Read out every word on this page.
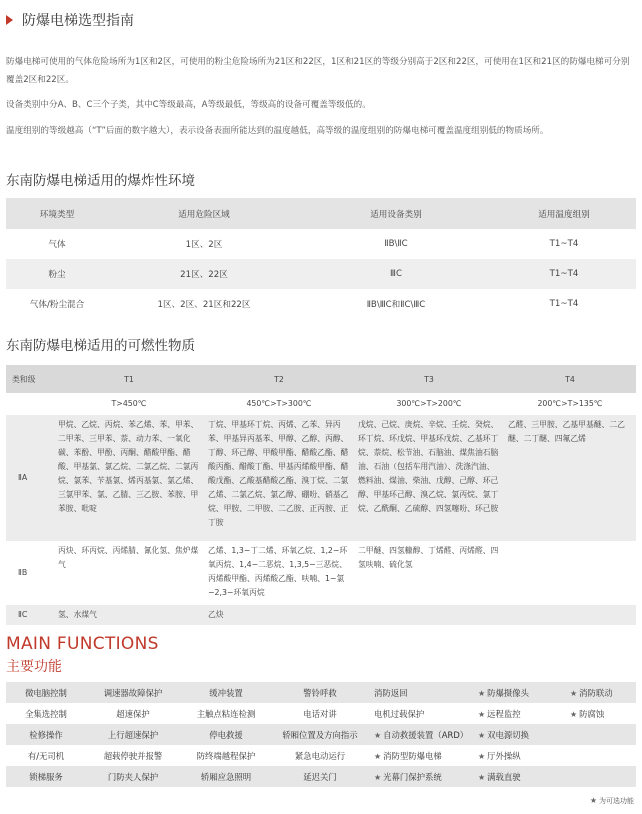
防爆电梯选型指南

防爆电梯可使用的气体危险场所为1区和2区，可使用的粉尘危险场所为21区和22区，1区和21区的等级分别高于2区和22区，可使用在1区和21区的防爆电梯可分别覆盖2区和22区。

设备类别中分A、B、C三个子类，其中C等级最高，A等级最低，等级高的设备可覆盖等级低的。

温度组别的等级越高（“T”后面的数字越大），表示设备表面所能达到的温度越低，高等级的温度组别的防爆电梯可覆盖温度组别低的物质场所。

东南防爆电梯适用的爆炸性环境
环境类型	适用危险区域	适用设备类别	适用温度组别
气体	1区、2区	ⅡB\ⅡC	T1~T4
粉尘	21区、22区	ⅢC	T1~T4
气体/粉尘混合	1区、2区、21区和22区	ⅡB\ⅢC和ⅡC\ⅢC	T1~T4
东南防爆电梯适用的可燃性物质
类和级	T1	T2	T3	T4
	T>450℃	450℃>T>300℃	300℃>T>200℃	200℃>T>135℃
ⅡA	甲烷、乙烷、丙烷、苯乙烯、苯、甲苯、二甲苯、三甲苯、萘、动力苯、一氧化碳、苯酚、甲酚、丙酮、醋酸甲酯、醋酸、甲基氯、氯乙烷、二氯乙烷、二氯丙烷、氯苯、苄基氯、烯丙基氯、氯乙烯、三氯甲苯、氯、乙腈、三乙胺、苯胺、甲苯胺、吡啶	丁烷、甲基环丁烷、丙烯、乙苯、异丙苯、甲基异丙基苯、甲醇、乙醇、丙醇、丁醇、环己醇、甲酸甲酯、醋酸乙酯、醋酸丙酯、醋酸丁酯、甲基丙烯酸甲酯、醋酸戊酯、乙酸基醋酸乙酯、溴丁烷、二氯乙烯、二氯乙烷、氯乙醇、硼吩、硝基乙烷、甲胺、二甲胺、二乙胺、正丙胺、正丁胺	戊烷、己烷、庚烷、辛烷、壬烷、癸烷、环丁烷、环戊烷、甲基环戊烷、乙基环丁烷、萘烷、松节油、石脑油、煤焦油石脑油、石油（包括车用汽油）、洗涤汽油、燃料油、煤油、柴油、戊醇、己醇、环己醇、甲基环己醇、溴乙烷、氯丙烷、氯丁烷、乙酰酮、乙硫醇、四氢噻吩、环己胺	乙醛、三甲胺、乙基甲基醚、二乙醚、二丁醚、四氟乙烯
ⅡB	丙炔、环丙烷、丙烯腈、氰化氢、焦炉煤气	乙烯、1,3−丁二烯、环氧乙烷、1,2−环氧丙烷、1,4−二恶烷、1,3,5−三恶烷、丙烯酸甲酯、丙烯酸乙酯、呋喃、1−氯−2,3−环氧丙烷	二甲醚、四氢糠醇、丁烯醛、丙烯醛、四氢呋喃、硫化氢	
ⅡC	氢、水煤气	乙炔		
MAIN FUNCTIONS
主要功能
微电脑控制	调速器故障保护	缓冲装置	警铃呼救	消防返回	★ 防爆摄像头	★ 消防联动
全集选控制	超速保护	主触点粘连检测	电话对讲	电机过载保护	★ 远程监控	★ 防腐蚀
检修操作	上行超速保护	停电救援	轿厢位置及方向指示	★ 自动救援装置（ARD）	★ 双电源切换	
有/无司机	超载停驶并报警	防终端越程保护	紧急电动运行	★ 消防型防爆电梯	★ 厅外操纵	
锁梯服务	门防夹人保护	轿厢应急照明	延迟关门	★ 光幕门保护系统	★ 满载直驶	
★ 为可选功能
